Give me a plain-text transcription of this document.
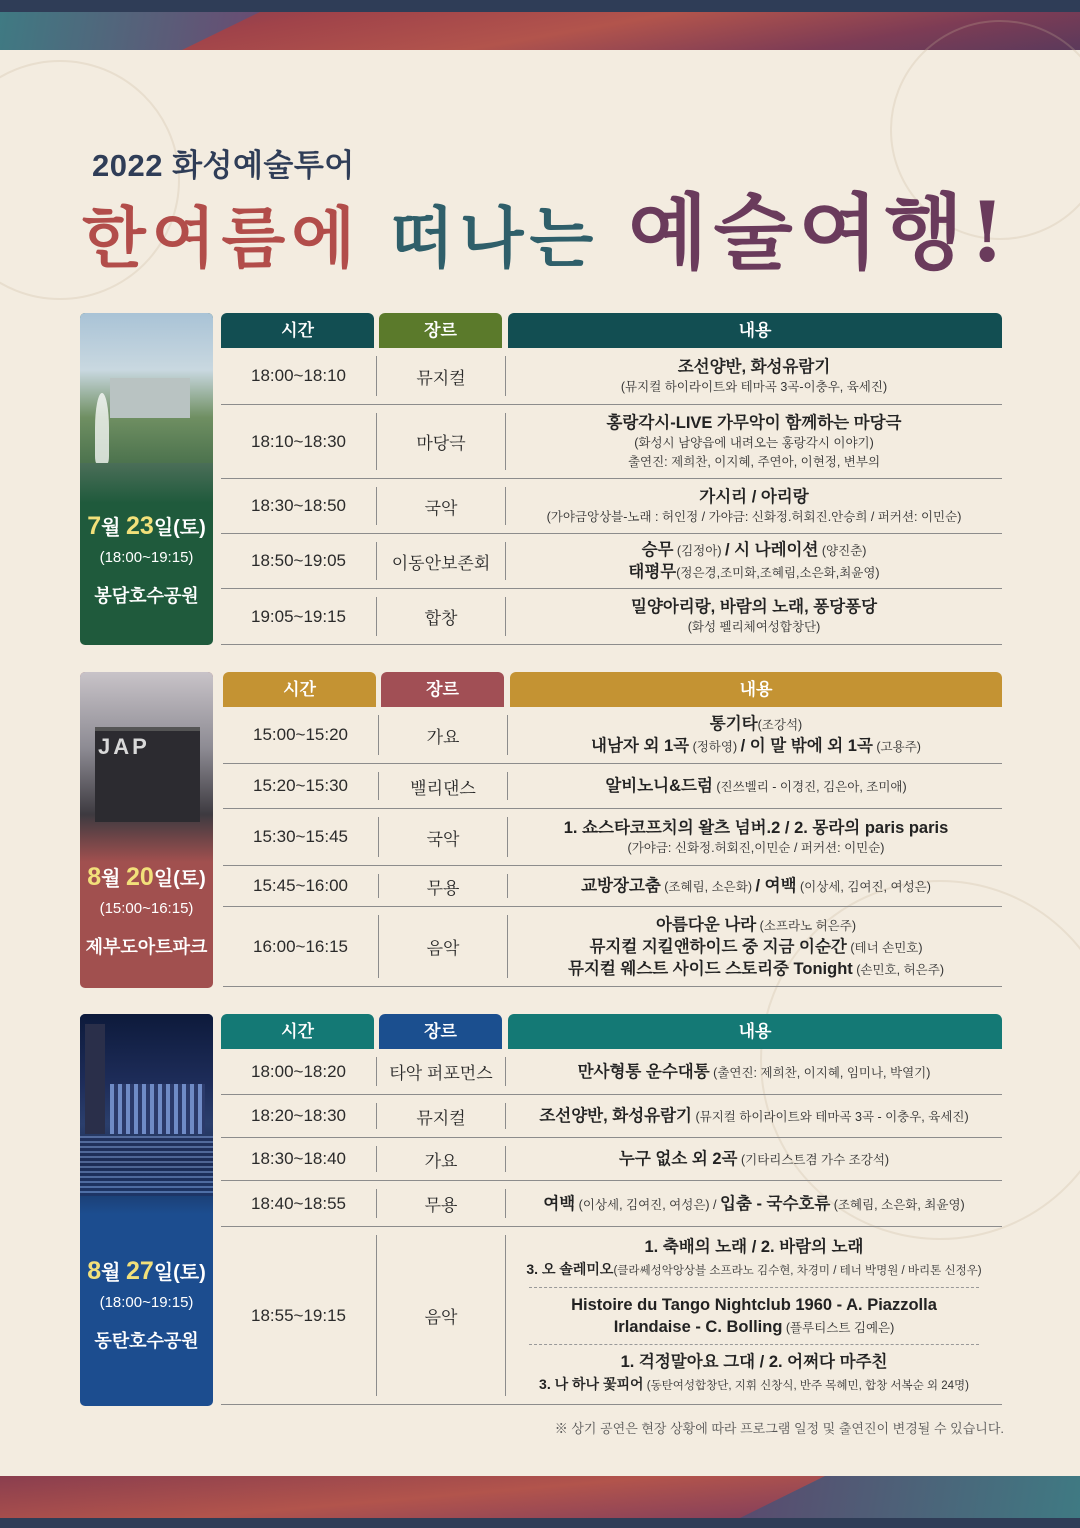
2022 화성예술투어
한여름에 떠나는 예술여행!
7월 23일(토)
(18:00~19:15)
봉담호수공원
시간	장르	내용
18:00~18:10	뮤지컬
조선양반, 화성유람기
(뮤지컬 하이라이트와 테마곡 3곡-이충우, 육세진)
18:10~18:30	마당극
홍랑각시-LIVE 가무악이 함께하는 마당극
(화성시 남양읍에 내려오는 홍랑각시 이야기)
출연진: 제희찬, 이지혜, 주연아, 이현정, 변부의
18:30~18:50	국악
가시리 / 아리랑
(가야금앙상블-노래 : 허인정 / 가야금: 신화정.허회진.안승희 / 퍼커션: 이민순)
18:50~19:05	이동안보존회
승무 (김정아) / 시 나레이션 (양진춘)
태평무(정은경,조미화,조혜림,소은화,최윤영)
19:05~19:15	합창
밀양아리랑, 바람의 노래, 퐁당퐁당
(화성 펠리체여성합창단)
JAP
8월 20일(토)
(15:00~16:15)
제부도아트파크
시간	장르	내용
15:00~15:20	가요
통기타(조강석)
내남자 외 1곡 (정하영) / 이 말 밖에 외 1곡 (고용주)
15:20~15:30	밸리댄스	알비노니&드럼 (진쓰벨리 - 이경진, 김은아, 조미애)
15:30~15:45	국악
1. 쇼스타코프치의 왈츠 넘버.2 / 2. 몽라의 paris paris
(가야금: 신화정.허회진,이민순 / 퍼커션: 이민순)
15:45~16:00	무용	교방장고춤 (조혜림, 소은화) / 여백 (이상세, 김여진, 여성은)
16:00~16:15	음악
아름다운 나라 (소프라노 허은주)
뮤지컬 지킬앤하이드 중 지금 이순간 (테너 손민호)
뮤지컬 웨스트 사이드 스토리중 Tonight (손민호, 허은주)
8월 27일(토)
(18:00~19:15)
동탄호수공원
시간	장르	내용
18:00~18:20	타악 퍼포먼스	만사형통 운수대통 (출연진: 제희찬, 이지혜, 임미나, 박열기)
18:20~18:30	뮤지컬	조선양반, 화성유람기 (뮤지컬 하이라이트와 테마곡 3곡 - 이충우, 육세진)
18:30~18:40	가요	누구 없소 외 2곡 (기타리스트겸 가수 조강석)
18:40~18:55	무용	여백 (이상세, 김여진, 여성은) / 입춤 - 국수호류 (조혜림, 소은화, 최윤영)
18:55~19:15	음악
1. 축배의 노래 / 2. 바람의 노래
3. 오 솔레미오(클라쎄성악앙상블 소프라노 김수현, 차경미 / 테너 박명원 / 바리톤 신정우)
Histoire du Tango Nightclub 1960 - A. Piazzolla
Irlandaise - C. Bolling (플루티스트 김예은)
1. 걱정말아요 그대 / 2. 어쩌다 마주친
3. 나 하나 꽃피어 (동탄여성합창단, 지휘 신창식, 반주 목혜민, 합창 서복순 외 24명)
※ 상기 공연은 현장 상황에 따라 프로그램 일정 및 출연진이 변경될 수 있습니다.
